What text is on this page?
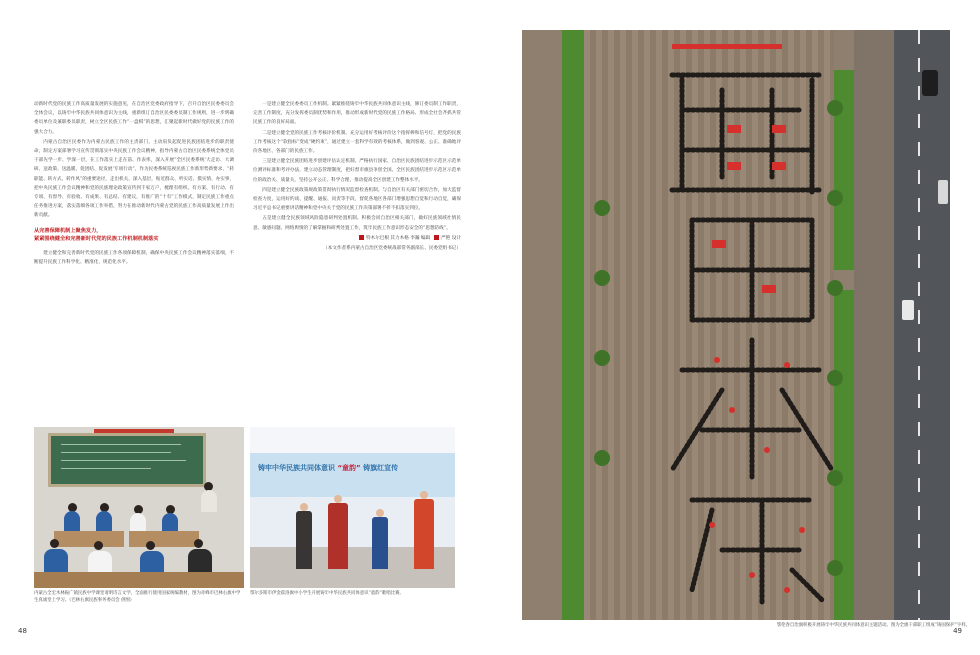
动新时代党的民族工作高质量发展的实施意见，在自治区党委政府指导下，召开自治区民委委员会全体会议，以铸牢中华民族共同体意识为主线，重新组订自治区民委委员制工作规则，进一步明确委员单位及兼职委员职责，树立全区民族工作“一盘棋”的思想，汇聚起新时代做好党的民族工作的强大合力。

内蒙古自治区民委作为内蒙古民族工作的主责部门、主动肩负起促进民族团结进步的职责使命，制定方案部署学习宣传贯彻落实中央民族工作会议精神，指导内蒙古自治区民委系统全体党员干部先学一步、学深一层，在工作落实上走在前、作表率，深入开展“全区民委系统‘大走访、大调研、送政策、送温暖、促团结、促发展’专项行动”，作为民委系统巡视民族工作新形势新要求、“转职能、转方式、转作风”的重要途径，走出机关、深入基层，贴近群众、听实话、摸实情、办实事，把中央民族工作会议精神和党的民族理论政策宣传到千家万户，梳理有组织、有方案、有行动、有专项、有督导、有验收、有成果、有总结、有建议，有推广的“十有”工作模式，制定民族工作重点任务推进方案，落实落细各项工作举措，努力在推动新时代内蒙古党的民族工作高质量发展上作出新贡献。

从完善保障机制上聚焦发力，
紧紧围绕健全和完善新时代党的民族工作机制机制落实

建立健全和完善新时代党的民族工作各项保障机制，确保中央民族工作会议精神落实落细，不断提升民族工作科学化、精准化、规范化水平。

一是建立健全民委委员工作机制。紧紧推绕铸牢中华民族共同体意识主线，修订委员制工作职责，完善工作制度，充分发挥委员制优势和作用，推动形成新时代党的民族工作格局、形成全社会齐抓共管民族工作的良好局面。

二是建立健全党的民族工作考核评价机制。充分运用好考核评价这个指挥棒和信号灯，把党的民族工作考核这个“软指标”变成“硬约束”，通过建立一套科学有效的考核体系，做到客观、公正、准确地评价各地区、各部门的民族工作。

三是建立健全民族团结进步创建评估认定机制。严格执行国家、自治区民族团结进步示范区示范单位测评标准和考评办法，建立动态管理制度，把好督市旗县争创全国、全区民族团结进步示范区示范单位的政治关、质量关，坚持公开公正、科学合理，推动提高全区创建工作整体水平。

四是建立健全民族政策规政策贯彻执行情况监督检查机制。与自治区有关部门密切合作，加大监督检查力度，运用好约谈、提醒、通报、问责等手段，督促各地区各部门增强思想自觉和行动自觉，确保习近平总书记重要讲话精神和党中央关于党的民族工作决策部署不折不扣落实到位。

五是建立健全民族领域风险隐患研判处置机制。积极会同自治区相关部门，做好民族领域社情民意、敏感问题、网络舆情的了解掌握和研判处置工作，筑牢民族工作意识形态安全的“思想防线”。

特木尔巴根 其力木格 李瀚 编辑 严艳 设计

（本文作者系内蒙古自治区党委统战部常务副部长、民委党组书记）

内蒙古全宏木林振广镇民族中学课堂请明诗言文学。全面推行使用国家统编教材，图为赤峰市巴林右旗中学生真诚堂上学习。（巴林右旗民族事务委员会 供图）
铸牢中华民族共同体意识 “童韵” 铸旗红宣传
鄂尔多斯市伊金霍洛旗中小学生开展铸牢中华民族共同体意识“童韵”歌唱比赛。
48	49
鄂伦春自治旗积极开展铸牢中华民族共同体意识主题活动。图为全旗干部职工组成“铸国保护”字样。
